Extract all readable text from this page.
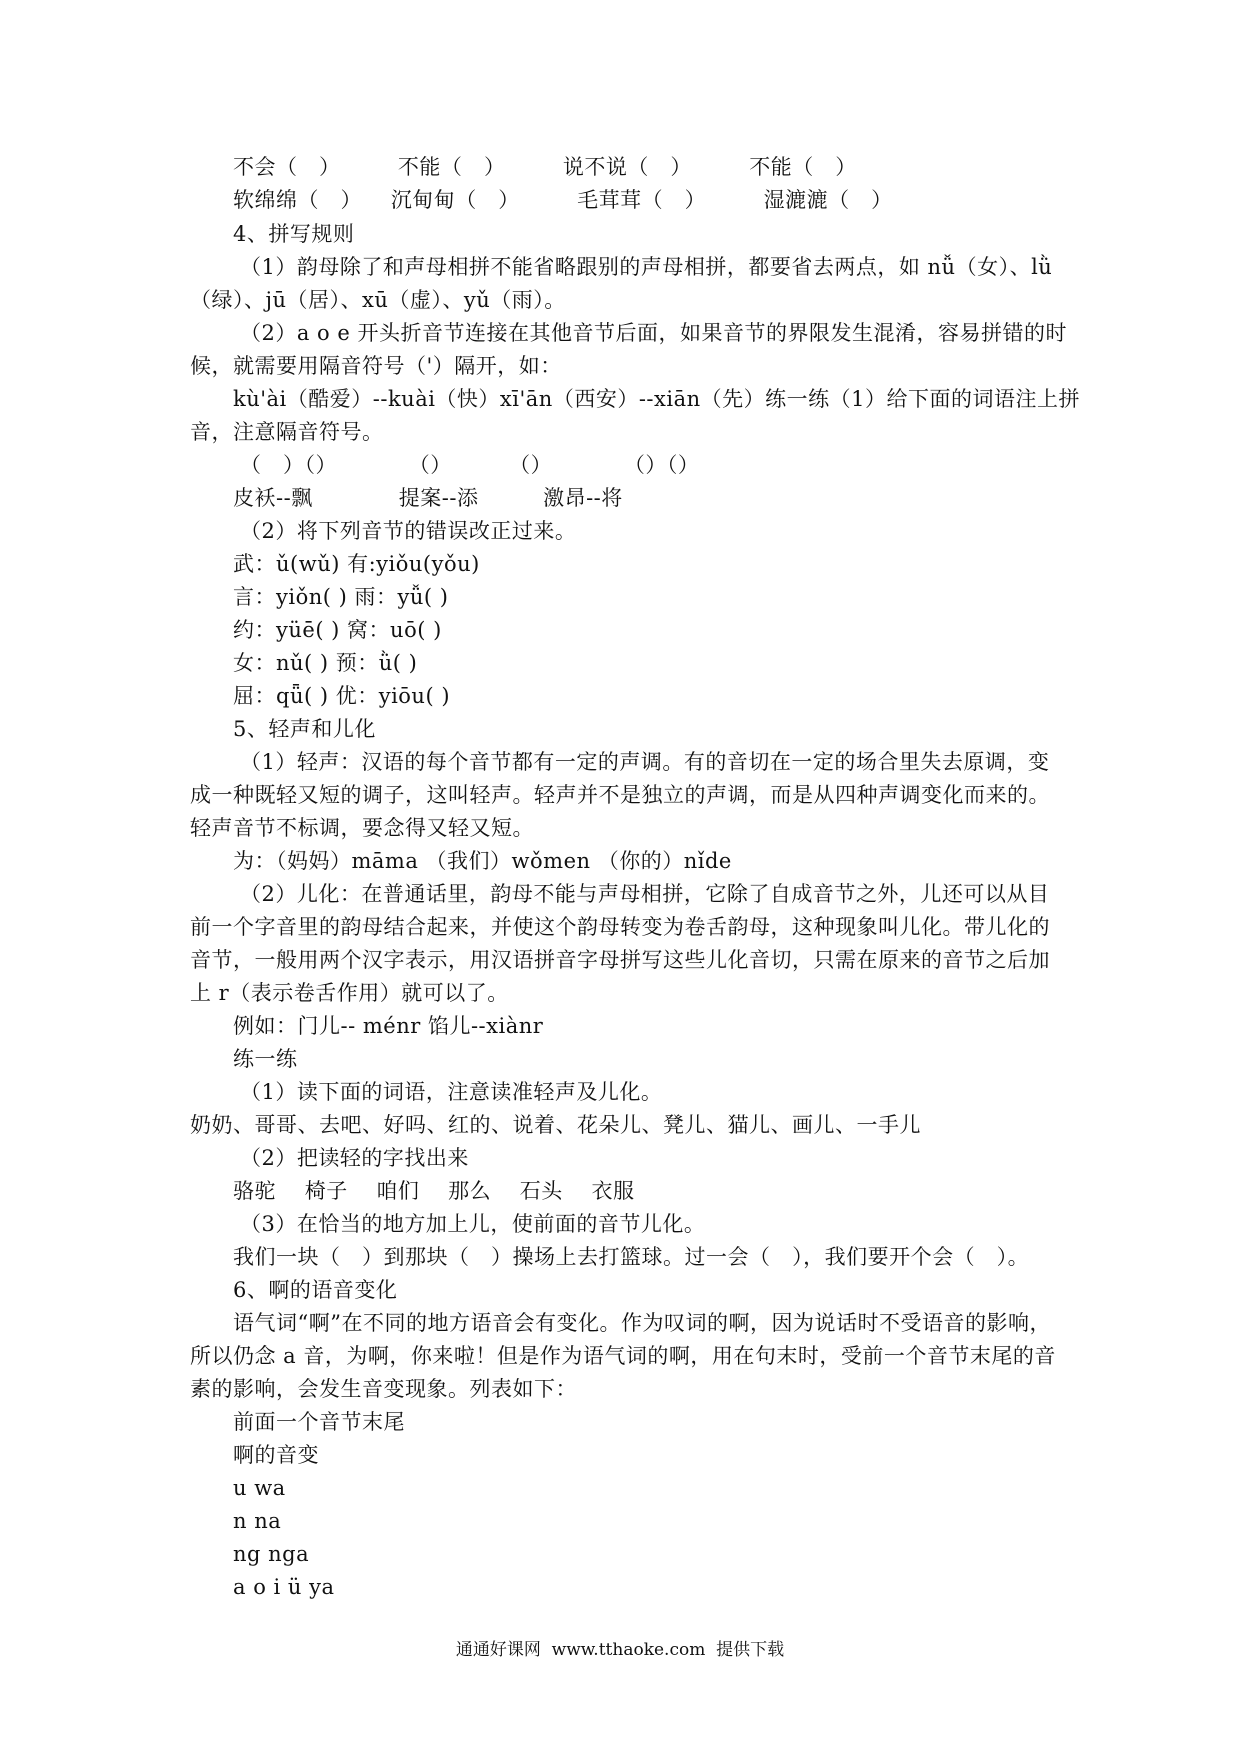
不会（   ）        不能（   ）        说不说（   ）        不能（   ）
软绵绵（   ）    沉甸甸（   ）        毛茸茸（   ）        湿漉漉（   ）
4、拼写规则
（1）韵母除了和声母相拼不能省略跟别的声母相拼，都要省去两点，如 nǚ（女）、lǜ
（绿）、jū（居）、xū（虚）、yǔ（雨）。
（2）a o e 开头折音节连接在其他音节后面，如果音节的界限发生混淆，容易拼错的时
候，就需要用隔音符号（'）隔开，如：
kù'ài（酷爱）--kuài（快）xī'ān（西安）--xiān（先）练一练（1）给下面的词语注上拼
音，注意隔音符号。
（   ）（）          （）        （）          （）（）
皮袄--飘            提案--添         激昂--将
（2）将下列音节的错误改正过来。
武：ǔ(wǔ) 有:yiǒu(yǒu)
言：yiǒn( ) 雨：yǚ( )
约：yüē( ) 窝：uō( )
女：nǔ( ) 预：ǜ( )
屈：qǖ( ) 优：yiōu( )
5、轻声和儿化
（1）轻声：汉语的每个音节都有一定的声调。有的音切在一定的场合里失去原调，变
成一种既轻又短的调子，这叫轻声。轻声并不是独立的声调，而是从四种声调变化而来的。
轻声音节不标调，要念得又轻又短。
为：（妈妈）māma （我们）wǒmen （你的）nǐde
（2）儿化：在普通话里，韵母不能与声母相拼，它除了自成音节之外，儿还可以从目
前一个字音里的韵母结合起来，并使这个韵母转变为卷舌韵母，这种现象叫儿化。带儿化的
音节，一般用两个汉字表示，用汉语拼音字母拼写这些儿化音切，只需在原来的音节之后加
上 r（表示卷舌作用）就可以了。
例如：门儿-- ménr 馅儿--xiànr
练一练
（1）读下面的词语，注意读准轻声及儿化。
奶奶、哥哥、去吧、好吗、红的、说着、花朵儿、凳儿、猫儿、画儿、一手儿
（2）把读轻的字找出来
骆驼    椅子    咱们    那么    石头    衣服
（3）在恰当的地方加上儿，使前面的音节儿化。
我们一块（   ）到那块（   ）操场上去打篮球。过一会（   ），我们要开个会（   ）。
6、啊的语音变化
语气词“啊”在不同的地方语音会有变化。作为叹词的啊，因为说话时不受语音的影响，
所以仍念 a 音，为啊，你来啦！但是作为语气词的啊，用在句末时，受前一个音节末尾的音
素的影响，会发生音变现象。列表如下：
前面一个音节末尾
啊的音变
u wa
n na
ng nga
a o i ü ya
通通好课网  www.tthaoke.com  提供下载
